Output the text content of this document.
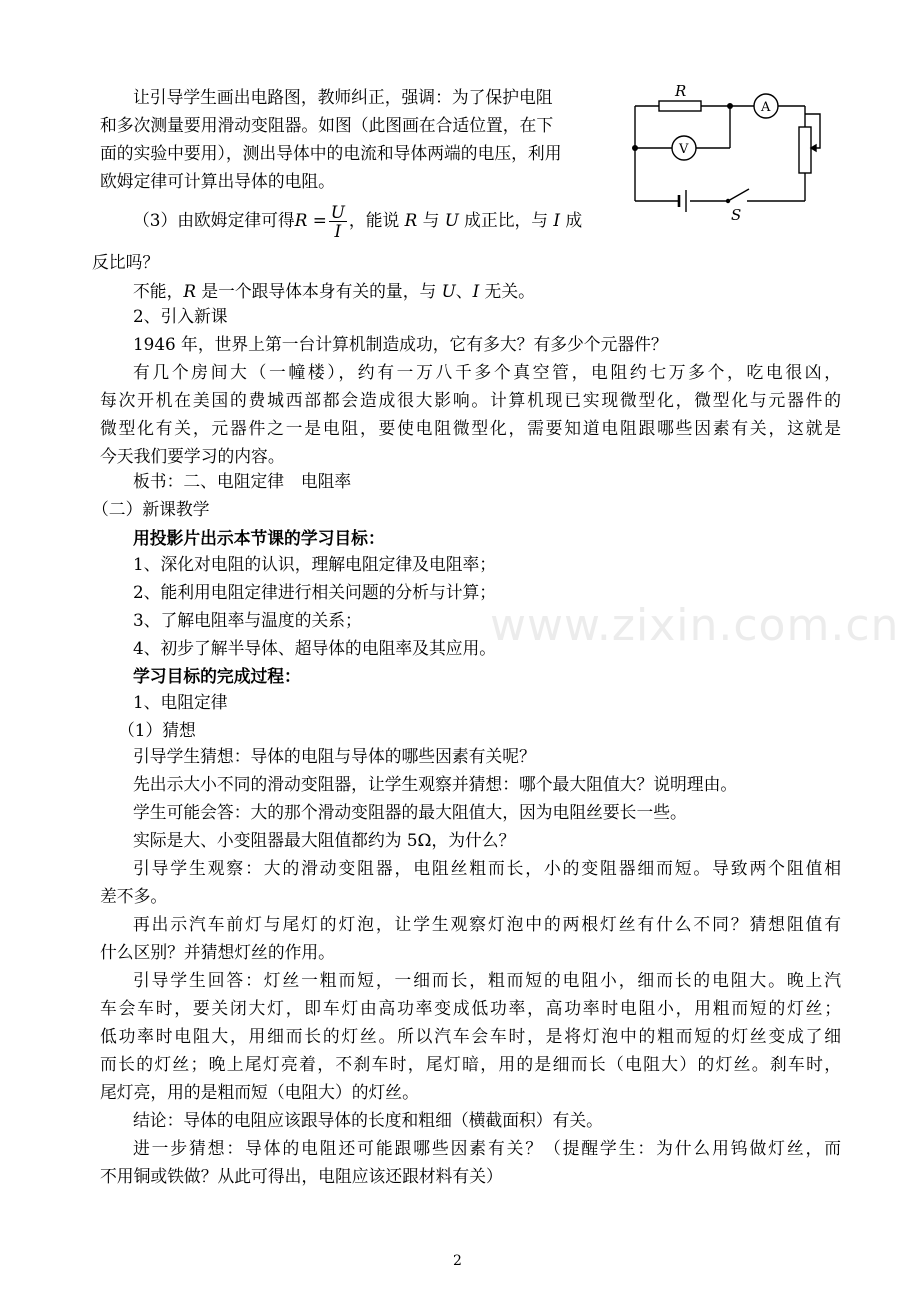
www.zixin.com.cn
R
A
V
S
让引导学生画出电路图，教师纠正，强调：为了保护电阻
和多次测量要用滑动变阻器。如图（此图画在合适位置，在下
面的实验中要用），测出导体中的电流和导体两端的电压，利用
欧姆定律可计算出导体的电阻。
（3）由欧姆定律可得$R = \frac{U}{I}$ ，能说 R 与 U 成正比，与 I 成
反比吗？
不能，R 是一个跟导体本身有关的量，与 U、I 无关。
2、引入新课
1946 年，世界上第一台计算机制造成功，它有多大？有多少个元器件？
有几个房间大（一幢楼），约有一万八千多个真空管，电阻约七万多个，吃电很凶，
每次开机在美国的费城西部都会造成很大影响。计算机现已实现微型化，微型化与元器件的
微型化有关，元器件之一是电阻，要使电阻微型化，需要知道电阻跟哪些因素有关，这就是
今天我们要学习的内容。
板书：二、电阻定律　电阻率
（二）新课教学
用投影片出示本节课的学习目标：
1、深化对电阻的认识，理解电阻定律及电阻率；
2、能利用电阻定律进行相关问题的分析与计算；
3、了解电阻率与温度的关系；
4、初步了解半导体、超导体的电阻率及其应用。
学习目标的完成过程：
1、电阻定律
（1）猜想
引导学生猜想：导体的电阻与导体的哪些因素有关呢？
先出示大小不同的滑动变阻器，让学生观察并猜想：哪个最大阻值大？说明理由。
学生可能会答：大的那个滑动变阻器的最大阻值大，因为电阻丝要长一些。
实际是大、小变阻器最大阻值都约为 5Ω，为什么？
引导学生观察：大的滑动变阻器，电阻丝粗而长，小的变阻器细而短。导致两个阻值相
差不多。
再出示汽车前灯与尾灯的灯泡，让学生观察灯泡中的两根灯丝有什么不同？猜想阻值有
什么区别？并猜想灯丝的作用。
引导学生回答：灯丝一粗而短，一细而长，粗而短的电阻小，细而长的电阻大。晚上汽
车会车时，要关闭大灯，即车灯由高功率变成低功率，高功率时电阻小，用粗而短的灯丝；
低功率时电阻大，用细而长的灯丝。所以汽车会车时，是将灯泡中的粗而短的灯丝变成了细
而长的灯丝；晚上尾灯亮着，不刹车时，尾灯暗，用的是细而长（电阻大）的灯丝。刹车时，
尾灯亮，用的是粗而短（电阻大）的灯丝。
结论：导体的电阻应该跟导体的长度和粗细（横截面积）有关。
进一步猜想：导体的电阻还可能跟哪些因素有关？（提醒学生：为什么用钨做灯丝，而
不用铜或铁做？从此可得出，电阻应该还跟材料有关）
2
